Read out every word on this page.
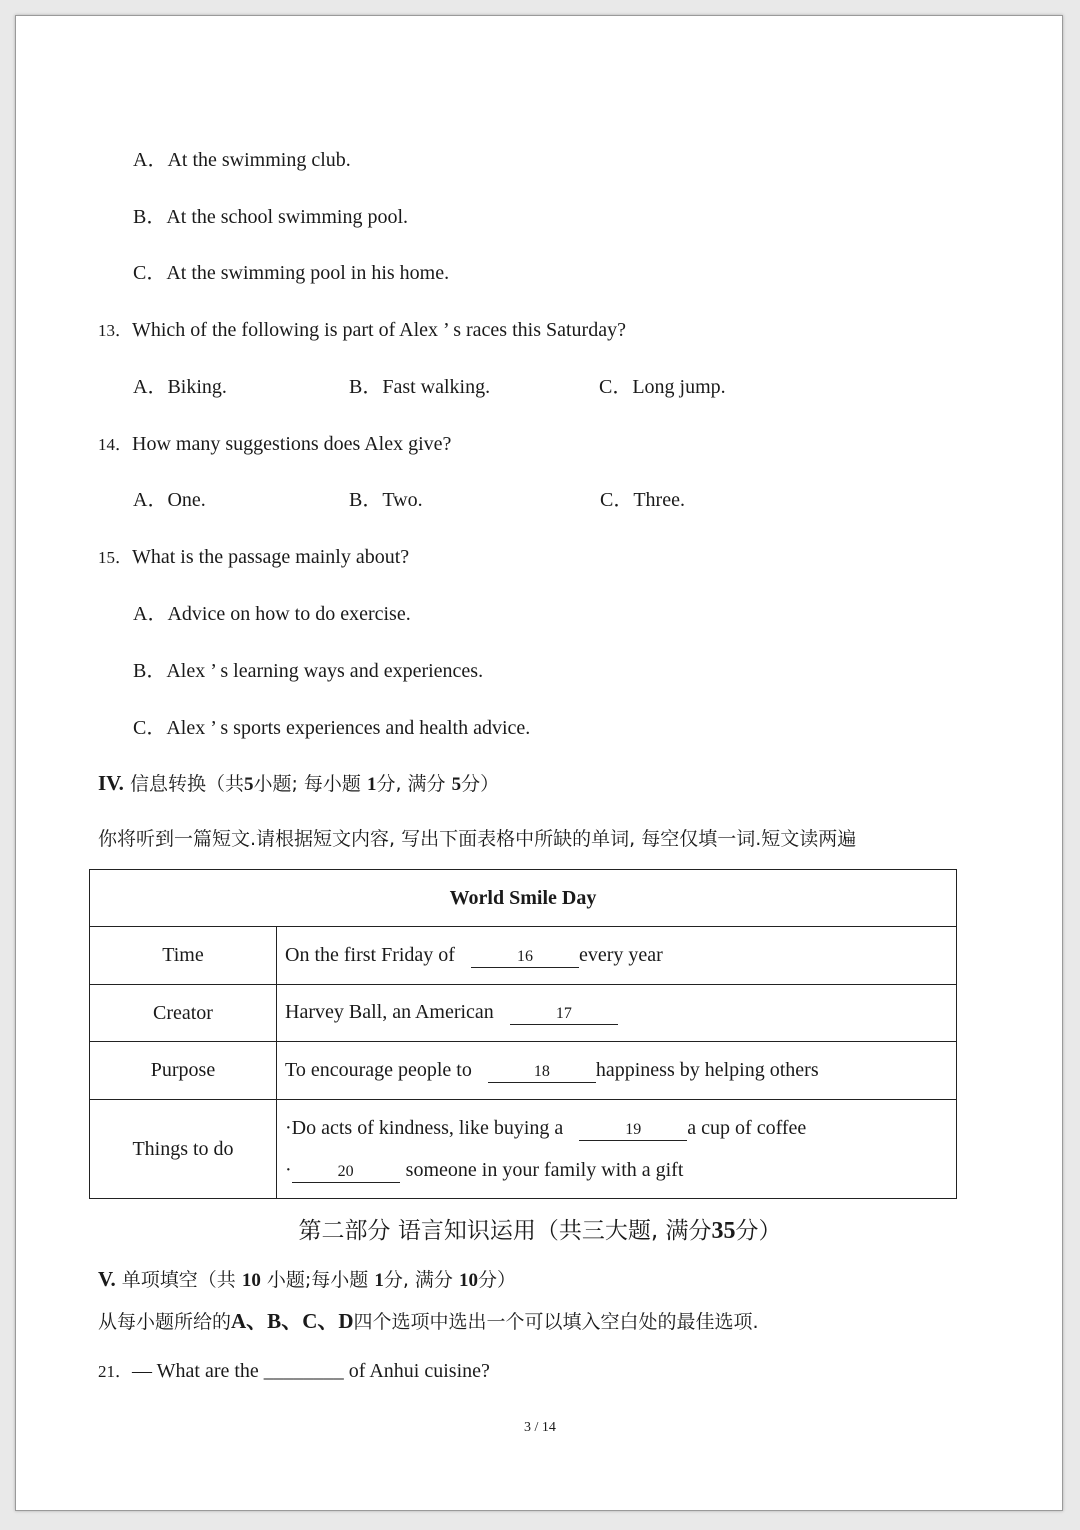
A．At the swimming club.
B．At the school swimming pool.
C．At the swimming pool in his home.
13．Which of the following is part of Alex ’ s races this Saturday?
A．Biking.	B．Fast walking.	C．Long jump.
14．How many suggestions does Alex give?
A．One.	B．Two.	C．Three.
15．What is the passage mainly about?
A．Advice on how to do exercise.
B．Alex ’ s learning ways and experiences.
C．Alex ’ s sports experiences and health advice.
IV. 信息转换（共5小题; 每小题 1分, 满分 5分）
你将听到一篇短文.请根据短文内容, 写出下面表格中所缺的单词, 每空仅填一词.短文读两遍
World Smile Day	
Time	On the first Friday of 16 every year
Creator	Harvey Ball, an American 17
Purpose	To encourage people to 18 happiness by helping others
Things to do	·Do acts of kindness, like buying a 19 a cup of coffee
· 20 someone in your family with a gift
第二部分 语言知识运用（共三大题, 满分35分）
V. 单项填空（共 10 小题;每小题 1分, 满分 10分）
从每小题所给的A、B、C、D四个选项中选出一个可以填入空白处的最佳选项.
21．— What are the ________ of Anhui cuisine?
3 / 14
